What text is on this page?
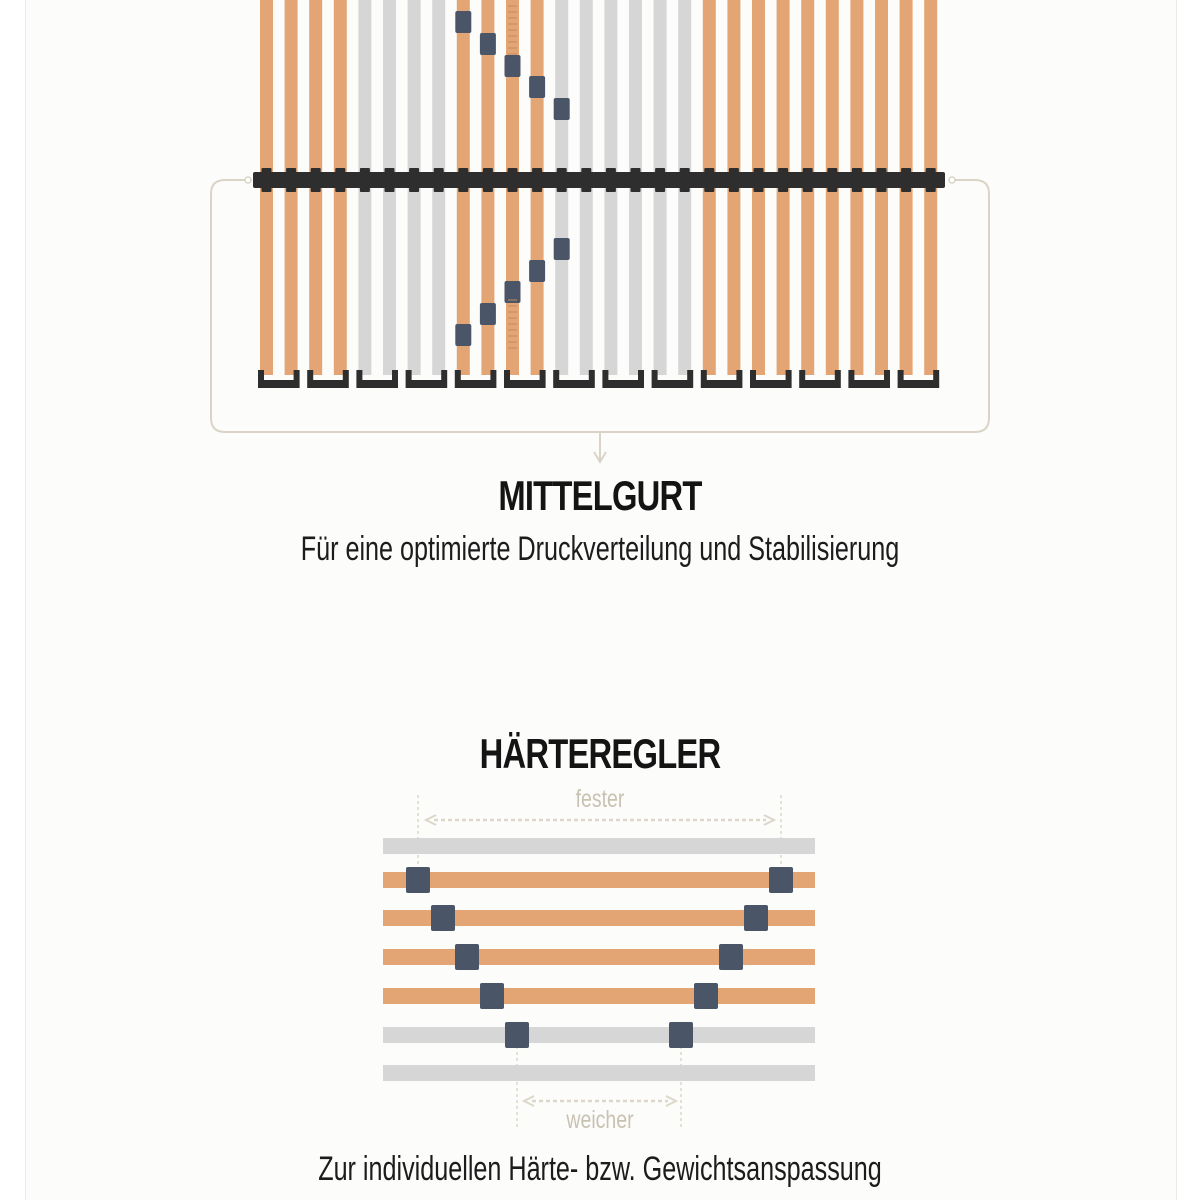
MITTELGURT

Für eine optimierte Druckverteilung und Stabilisierung

HÄRTEREGLER

fester

weicher

Zur individuellen Härte- bzw. Gewichtsanspassung
